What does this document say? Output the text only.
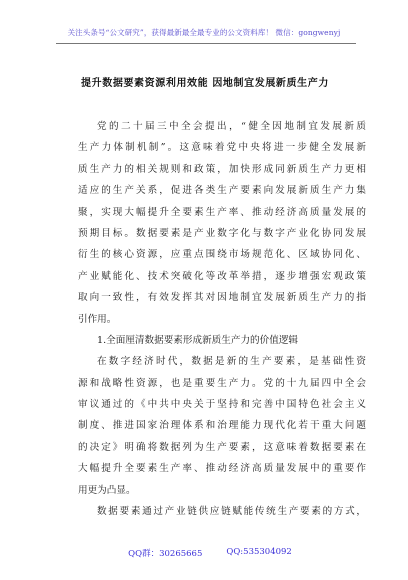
关注头条号“公文研究”，获得最新最全最专业的公文资料库！ 微信：gongwenyj
提升数据要素资源利用效能 因地制宜发展新质生产力
党的二十届三中全会提出，“健全因地制宜发展新质
生产力体制机制”。这意味着党中央将进一步健全发展新
质生产力的相关规则和政策，加快形成同新质生产力更相
适应的生产关系，促进各类生产要素向发展新质生产力集
聚，实现大幅提升全要素生产率、推动经济高质量发展的
预期目标。数据要素是产业数字化与数字产业化协同发展
衍生的核心资源，应重点围绕市场规范化、区域协同化、
产业赋能化、技术突破化等改革举措，逐步增强宏观政策
取向一致性，有效发挥其对因地制宜发展新质生产力的指
引作用。
1.全面厘清数据要素形成新质生产力的价值逻辑
在数字经济时代，数据是新的生产要素，是基础性资
源和战略性资源，也是重要生产力。党的十九届四中全会
审议通过的《中共中央关于坚持和完善中国特色社会主义
制度、推进国家治理体系和治理能力现代化若干重大问题
的决定》明确将数据列为生产要素，这意味着数据要素在
大幅提升全要素生产率、推动经济高质量发展中的重要作
用更为凸显。
数据要素通过产业链供应链赋能传统生产要素的方式，
QQ群：30265665	QQ:535304092
